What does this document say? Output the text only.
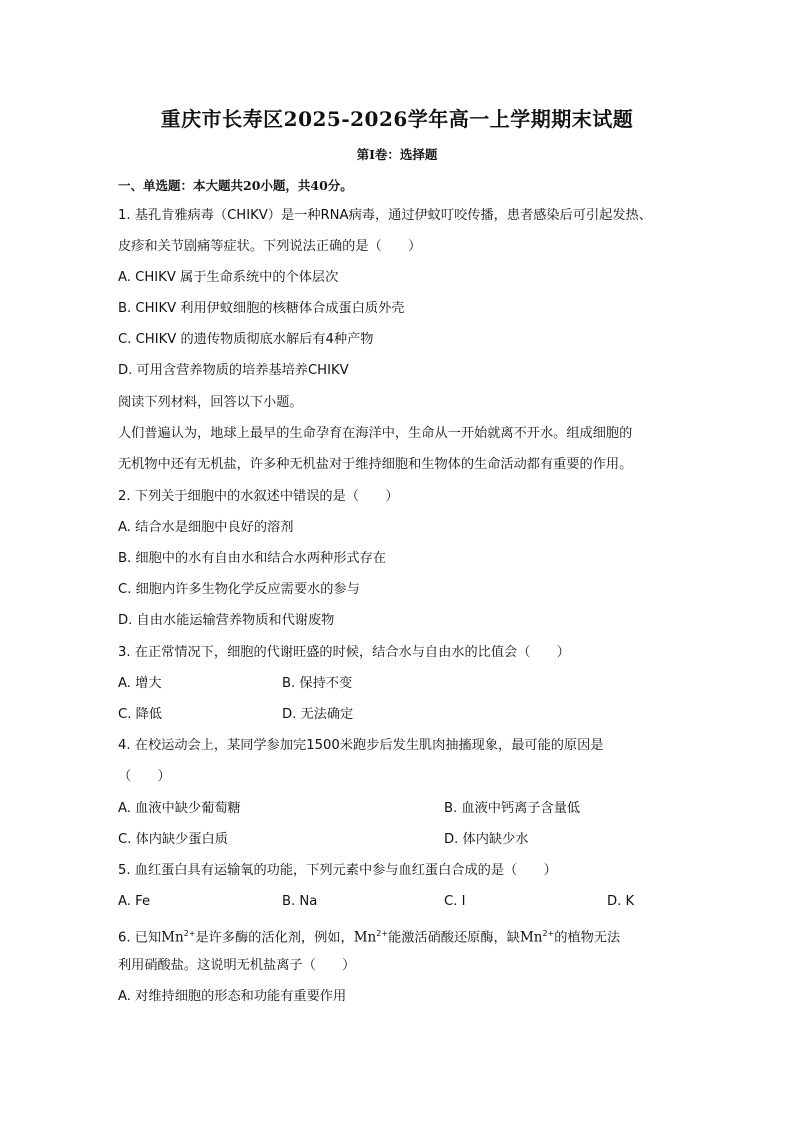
重庆市长寿区2025-2026学年高一上学期期末试题
第Ⅰ卷：选择题
一、单选题：本大题共20小题，共40分。
1. 基孔肯雅病毒（CHIKV）是一种RNA病毒，通过伊蚊叮咬传播，患者感染后可引起发热、
皮疹和关节剧痛等症状。下列说法正确的是（　　）
A. CHIKV 属于生命系统中的个体层次
B. CHIKV 利用伊蚊细胞的核糖体合成蛋白质外壳
C. CHIKV 的遗传物质彻底水解后有4种产物
D. 可用含营养物质的培养基培养CHIKV
阅读下列材料，回答以下小题。
人们普遍认为，地球上最早的生命孕育在海洋中，生命从一开始就离不开水。组成细胞的
无机物中还有无机盐，许多种无机盐对于维持细胞和生物体的生命活动都有重要的作用。
2. 下列关于细胞中的水叙述中错误的是（　　）
A. 结合水是细胞中良好的溶剂
B. 细胞中的水有自由水和结合水两种形式存在
C. 细胞内许多生物化学反应需要水的参与
D. 自由水能运输营养物质和代谢废物
3. 在正常情况下，细胞的代谢旺盛的时候，结合水与自由水的比值会（　　）
A. 增大	B. 保持不变
C. 降低	D. 无法确定
4. 在校运动会上，某同学参加完1500米跑步后发生肌肉抽搐现象，最可能的原因是
（　　）
A. 血液中缺少葡萄糖	B. 血液中钙离子含量低
C. 体内缺少蛋白质	D. 体内缺少水
5. 血红蛋白具有运输氧的功能，下列元素中参与血红蛋白合成的是（　　）
A. Fe	B. Na	C. I	D. K
6. 已知$Mn^{2+}$是许多酶的活化剂，例如，$Mn^{2+}$能激活硝酸还原酶，缺$Mn^{2+}$的植物无法
利用硝酸盐。这说明无机盐离子（　　）
A. 对维持细胞的形态和功能有重要作用
